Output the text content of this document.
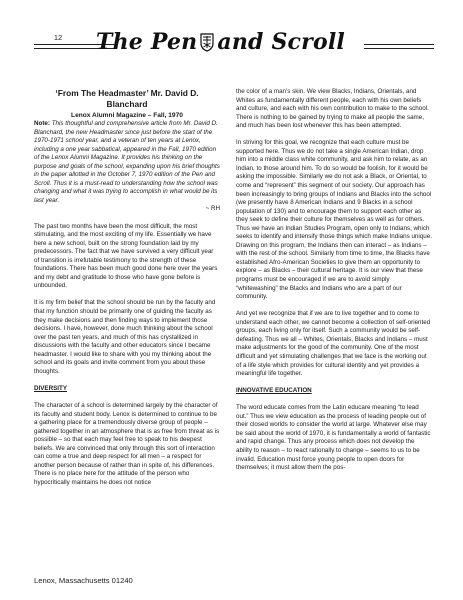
12	The Pen and Scroll
‘From The Headmaster’ Mr. David D.
Blanchard
Lenox Alumni Magazine – Fall, 1970

Note: This thoughtful and comprehensive article from Mr. David D. Blanchard, the new Headmaster since just before the start of the 1970-1971 school year, and a veteran of ten years at Lenox, including a one year sabbatical, appeared in the Fall, 1970 edition of the Lenox Alumni Magazine. It provides his thinking on the purpose and goals of the school, expanding upon his brief thoughts in the paper allotted in the October 7, 1970 edition of the Pen and Scroll. Thus it is a must-read to understanding how the school was changing and what it was trying to accomplish in what would be its last year.

~ RH

The past two months have been the most difficult, the most stimulating, and the most exciting of my life. Essentially we have here a new school, built on the strong foundation laid by my predecessors. The fact that we have survived a very difficult year of transition is irrefutable testimony to the strength of these foundations. There has been much good done here over the years and my debt and gratitude to those who have gone before is unbounded.

It is my firm belief that the school should be run by the faculty and that my function should be primarily one of guiding the faculty as they make decisions and then finding ways to implement those decisions. I have, however, done much thinking about the school over the past ten years, and much of this has crystallized in discussions with the faculty and other educators since I became headmaster. I would like to share with you my thinking about the school and its goals and invite comment from you about these thoughts.

DIVERSITY

The character of a school is determined largely by the character of its faculty and student body. Lenox is determined to continue to be a gathering place for a tremendously diverse group of people – gathered together in an atmosphere that is as free from threat as is possible – so that each may feel free to speak to his deepest beliefs. We are convinced that only through this sort of interaction can come a true and deep respect for all men – a respect for another person because of rather than in spite of, his differences. There is no place here for the attitude of the person who hypocritically maintains he does not notice

the color of a man’s skin. We view Blacks, Indians, Orientals, and Whites as fundamentally different people, each with his own beliefs and culture, and each with his own contribution to make to the school. There is nothing to be gained by trying to make all people the same, and much has been lost whenever this has been attempted.

In striving for this goal, we recognize that each culture must be supported here. Thus we do not take a single American Indian, drop him into a middle class white community, and ask him to relate, as an Indian, to those around him. To do so would be foolish, for it would be asking the impossible. Similarly we do not ask a Black, or Oriental, to come and “represent” this segment of our society. Our approach has been increasingly to bring groups of Indians and Blacks into the school (we presently have 8 American Indians and 9 Blacks in a school population of 130) and to encourage them to support each other as they seek to define their culture for themselves as well as for others. Thus we have an Indian Studies Program, open only to Indians, which seeks to identify and intensify those things which make Indians unique. Drawing on this program, the Indians then can interact – as Indians – with the rest of the school. Similarly from time to time, the Blacks have established Afro-American Societies to give them an opportunity to explore – as Blacks – their cultural heritage. It is our view that these programs must be encouraged if we are to avoid simply “whitewashing” the Blacks and Indians who are a part of our community.

And yet we recognize that if we are to live together and to come to understand each other, we cannot become a collection of self-oriented groups, each living only for itself. Such a community would be self-defeating. Thus we all – Whites, Orientals, Blacks and Indians – must make adjustments for the good of the community. One of the most difficult and yet stimulating challenges that we face is the working out of a life style which provides for cultural identity and yet provides a meaningful life together.

INNOVATIVE EDUCATION

The word educate comes from the Latin educare meaning “to lead out.” Thus we view education as the process of leading people out of their closed worlds to consider the world at large. Whatever else may be said about the world of 1970, it is fundamentally a world of fantastic and rapid change. Thus any process which does not develop the ability to reason – to react rationally to change – seems to us to be invalid. Education must force young people to open doors for themselves; it must allow them the pos-

Lenox, Massachusetts 01240
